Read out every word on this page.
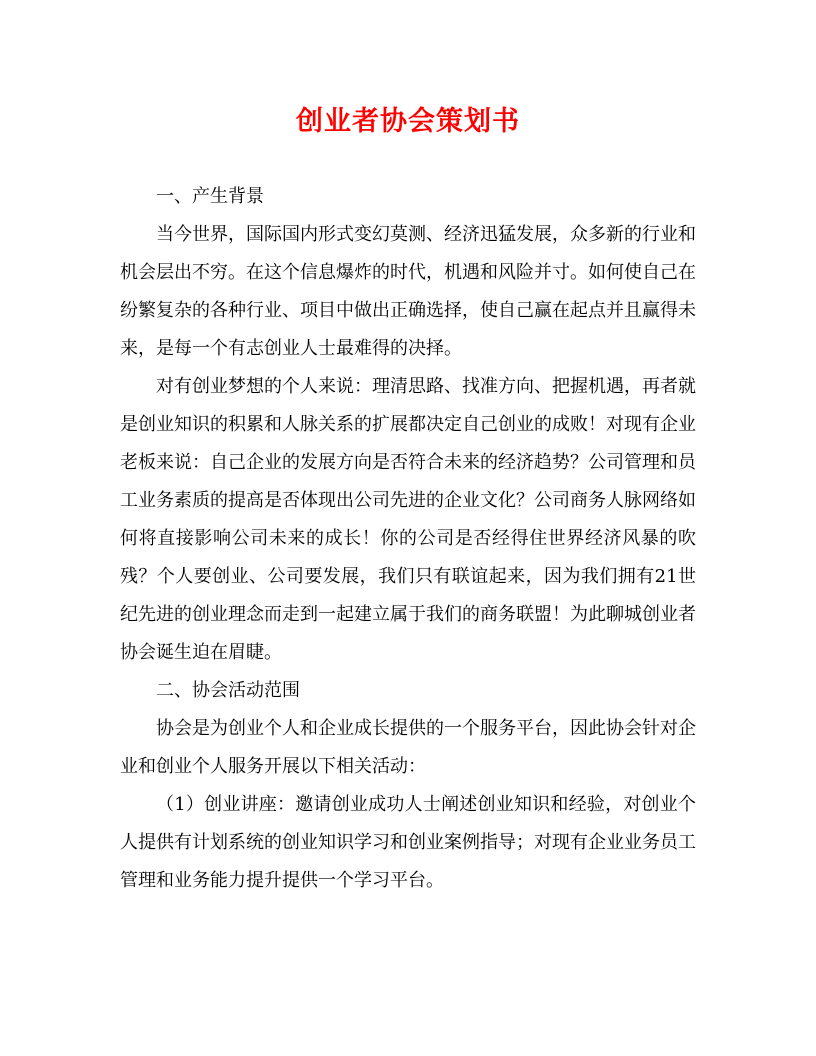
创业者协会策划书

一、产生背景

当今世界，国际国内形式变幻莫测、经济迅猛发展，众多新的行业和机会层出不穷。在这个信息爆炸的时代，机遇和风险并寸。如何使自己在纷繁复杂的各种行业、项目中做出正确选择，使自己赢在起点并且赢得未来，是每一个有志创业人士最难得的决择。

对有创业梦想的个人来说：理清思路、找准方向、把握机遇，再者就是创业知识的积累和人脉关系的扩展都决定自己创业的成败！对现有企业老板来说：自己企业的发展方向是否符合未来的经济趋势？公司管理和员工业务素质的提高是否体现出公司先进的企业文化？公司商务人脉网络如何将直接影响公司未来的成长！你的公司是否经得住世界经济风暴的吹残？个人要创业、公司要发展，我们只有联谊起来，因为我们拥有21世纪先进的创业理念而走到一起建立属于我们的商务联盟！为此聊城创业者协会诞生迫在眉睫。

二、协会活动范围

协会是为创业个人和企业成长提供的一个服务平台，因此协会针对企业和创业个人服务开展以下相关活动：

（1）创业讲座：邀请创业成功人士阐述创业知识和经验，对创业个人提供有计划系统的创业知识学习和创业案例指导；对现有企业业务员工管理和业务能力提升提供一个学习平台。
